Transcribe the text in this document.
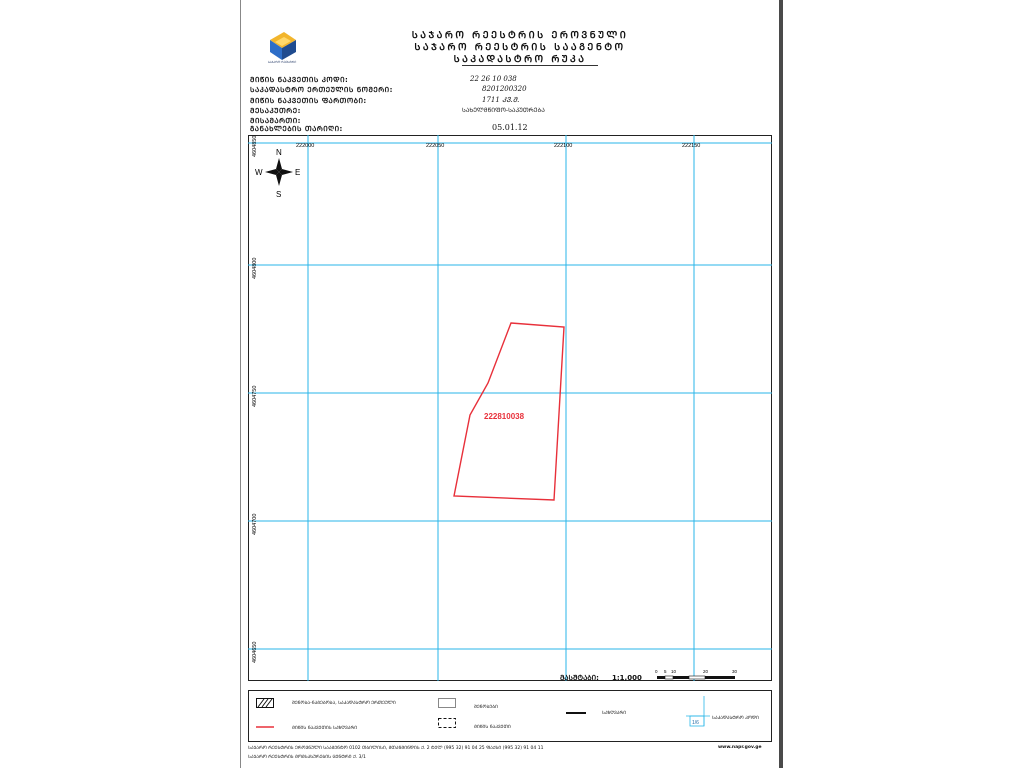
ᲡᲐᲯᲐᲠᲝ ᲠᲔᲔᲡᲢᲠᲘ
ᲡᲐᲯᲐᲠᲝ ᲠᲔᲔᲡᲢᲠᲘᲡ ᲔᲠᲝᲕᲜᲣᲚᲘ
ᲡᲐᲯᲐᲠᲝ ᲠᲔᲔᲡᲢᲠᲘᲡ ᲡᲐᲐᲒᲔᲜᲢᲝ
ᲡᲐᲙᲐᲓᲐᲡᲢᲠᲝ ᲠᲣᲙᲐ
ᲛᲘᲬᲘᲡ ᲜᲐᲙᲕᲔᲗᲘᲡ ᲙᲝᲓᲘ:	22 26 10 038
ᲡᲐᲙᲐᲓᲐᲡᲢᲠᲝ ᲔᲠᲗᲔᲣᲚᲘᲡ ᲜᲝᲛᲔᲠᲘ:	8201200320
ᲛᲘᲬᲘᲡ ᲜᲐᲙᲕᲔᲗᲘᲡ ᲤᲐᲠᲗᲝᲑᲘ:	1711 ᲙᲕ.Მ.
ᲛᲔᲡᲐᲙᲣᲗᲠᲔ:	ᲡᲐᲮᲔᲚᲛᲬᲘᲤᲝ-ᲡᲐᲙᲣᲗᲠᲔᲑᲐ
ᲛᲘᲡᲐᲛᲐᲠᲗᲘ:
ᲒᲐᲜᲐᲮᲚᲔᲑᲘᲡ ᲗᲐᲠᲘᲦᲘ:	05.01.12
222000	222050	222100	222150
4604850
4604800
4604750
4604700
4604650
222810038
N
S
E
W
ᲛᲐᲡᲨᲢᲐᲑᲘ: 1:1,000
0 5 10	20	30
ᲨᲔᲜᲝᲑᲐ-ᲜᲐᲒᲔᲑᲝᲑᲐ, ᲡᲐᲙᲐᲓᲐᲡᲢᲠᲝ ᲔᲠᲗᲔᲣᲚᲘ
ᲛᲘᲬᲘᲡ ᲜᲐᲙᲕᲔᲗᲘᲡ ᲡᲐᲖᲦᲕᲐᲠᲘ
ᲨᲔᲜᲝᲑᲔᲑᲘ
ᲛᲘᲬᲘᲡ ᲜᲐᲙᲕᲔᲗᲘ
ᲡᲐᲖᲦᲕᲐᲠᲘ
1/6
ᲡᲐᲙᲐᲓᲐᲡᲢᲠᲝ ᲙᲝᲓᲘ
ᲡᲐᲯᲐᲠᲝ ᲠᲔᲔᲡᲢᲠᲘᲡ ᲔᲠᲝᲕᲜᲣᲚᲘ ᲡᲐᲐᲒᲔᲜᲢᲝ 0102 ᲗᲑᲘᲚᲘᲡᲘ, ᲛᲗᲐᲬᲛᲘᲜᲓᲘᲡ Ქ. 2 ᲢᲔᲚ (995 32) 91 04 25 ᲤᲐᲥᲡᲘ (995 32) 91 04 11
ᲡᲐᲯᲐᲠᲝ ᲠᲔᲔᲡᲢᲠᲘᲡ ᲛᲝᲛᲡᲐᲮᲣᲠᲔᲑᲘᲡ ᲪᲔᲜᲢᲠᲘ Ქ. 3/1
www.napr.gov.ge
